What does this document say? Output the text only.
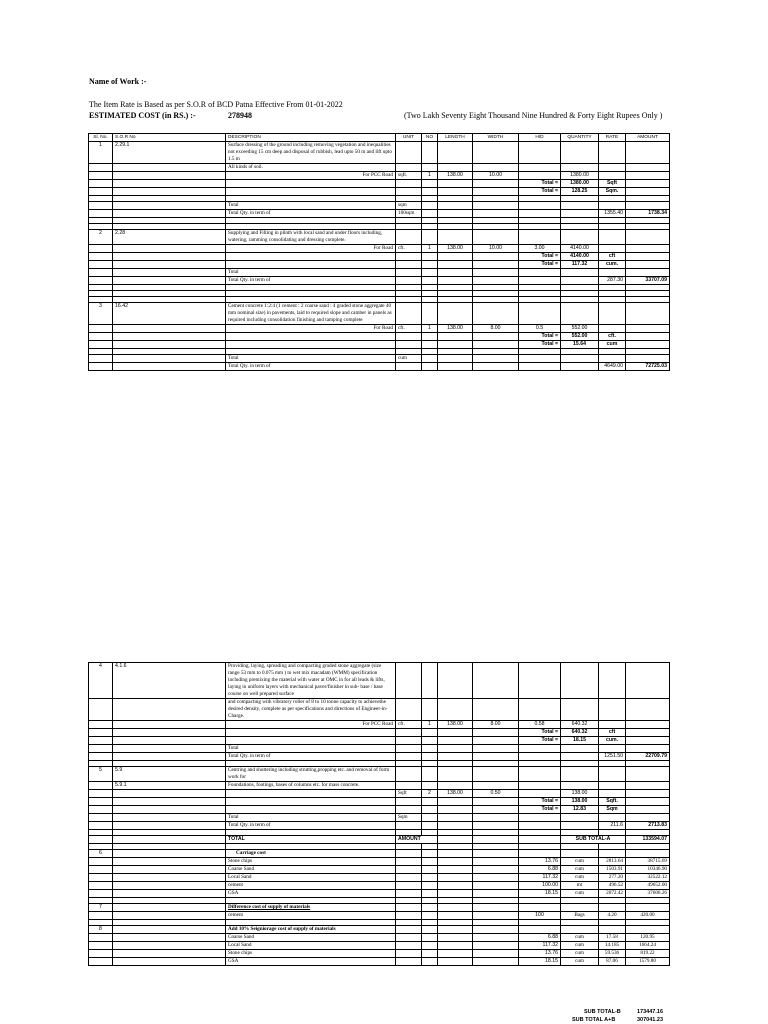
Name of Work :-
The Item Rate is Based as per S.O.R of BCD Patna Effective From 01-01-2022
ESTIMATED COST (in RS.) :-	278948	(Two Lakh Seventy Eight Thousand Nine Hundred & Forty Eight Rupees Only )
Sl. No.	S.O.R No	DESCRIPTION	UNIT	NO	LENGTH	WIDTH	H/D	QUANTITY	RATE	AMOUNT
1	2.29.1	Surface dressing of the ground including removing vegetation and inequalities not exceeding 15 cm deep and disposal of rubbish, lead upto 50 m and lift upto 1.5 m								
		All kinds of soil.								
		For PCC Road	sqft.	1	138.00	10.00		1380.00		
							Total =	1380.00	Sqft	
							Total =	128.25	Sqm.	

		Total	sqm							
		Total Qty. in term of	100sqm						1355.40	1738.34

2	2.28	Supplying and Filling in plinth with local sand and under floors including, watering, ramming consolidating and dressing complete.								
		For Road	cft.	1	138.00	10.00	3.00	4140.00		
							Total =	4140.00	cft	
							Total =	117.32	cum.	
		Total								
		Total Qty. in term of							287.30	33707.09

3	16.42	Cement concrete 1:2:4 (1 cement : 2 coarse sand : 4 graded stone aggregate 40 mm nominal size) in pavements, laid to required slope and camber in panels as required including consolidation finishing and tamping complete								
		For Road	cft.	1	138.00	8.00	0.5	552.00		
							Total =	552.00	cft.	
							Total =	15.64	cum	

		Total	cum							
		Total Qty. in term of							4649.00	72725.03
4	4.1.6	Providing, laying, spreading and compacting graded stone aggregate (size range 53 mm to 0.075 mm ) to wet mix macadam (WMM) specification including premixing the material with water at OMC in for all leads & lifts, laying in uniform layers with mechanical paver/finisher in sub- base / base course on well prepared surface								
		and compacting with vibratory roller of 8 to 10 tonne capacity to achievethe desired density, complete as per specifications and directions of Engineer-in-Charge.								
		For PCC Road	cft.	1	138.00	8.00	0.58	640.32		
							Total =	640.32	cft	
							Total =	18.15	cum.	
		Total								
		Total Qty. in term of							1251.50	22709.79

5	5.9	Centring and shuttering including strutting,propping etc. and removal of form work for								
	5.9.1	Foundations, footings, bases of columns etc. for mass concrete.								
			Sqft	2	138.00	0.50		138.00		
							Total =	138.00	Sqft.	
							Total =	12.83	Sqm	
		Total	Sqm							
		Total Qty. in term of							211.6	2713.83

		TOTAL	AMOUNT					SUB TOTAL-A		133594.07

6		Carriage cost								
		Stone chips					13.76	cum	2813.64	38715.69
		Coarse Sand					6.88	cum	1503.91	10346.90
		Local Sand					117.32	cum	277.20	32522.12
		cement					100.00	mt	496.52	49652.00
		GSA					18.15	cum	2072.42	37606.26

7		Difference cost of supply of materials								
		cement					100	Bags	4.20	420.00

8		Add 10% Seigniorage cost of supply of materials								
		Coarse Sand					6.88	cum	17.58	120.95
		Local Sand					117.32	cum	14.185	1664.24
		Stone chips					13.76	cum	59.536	819.22
		GSA					18.15	cum	87.06	1579.80
SUB TOTAL-B	173447.16
SUB TOTAL A+B	307041.23
